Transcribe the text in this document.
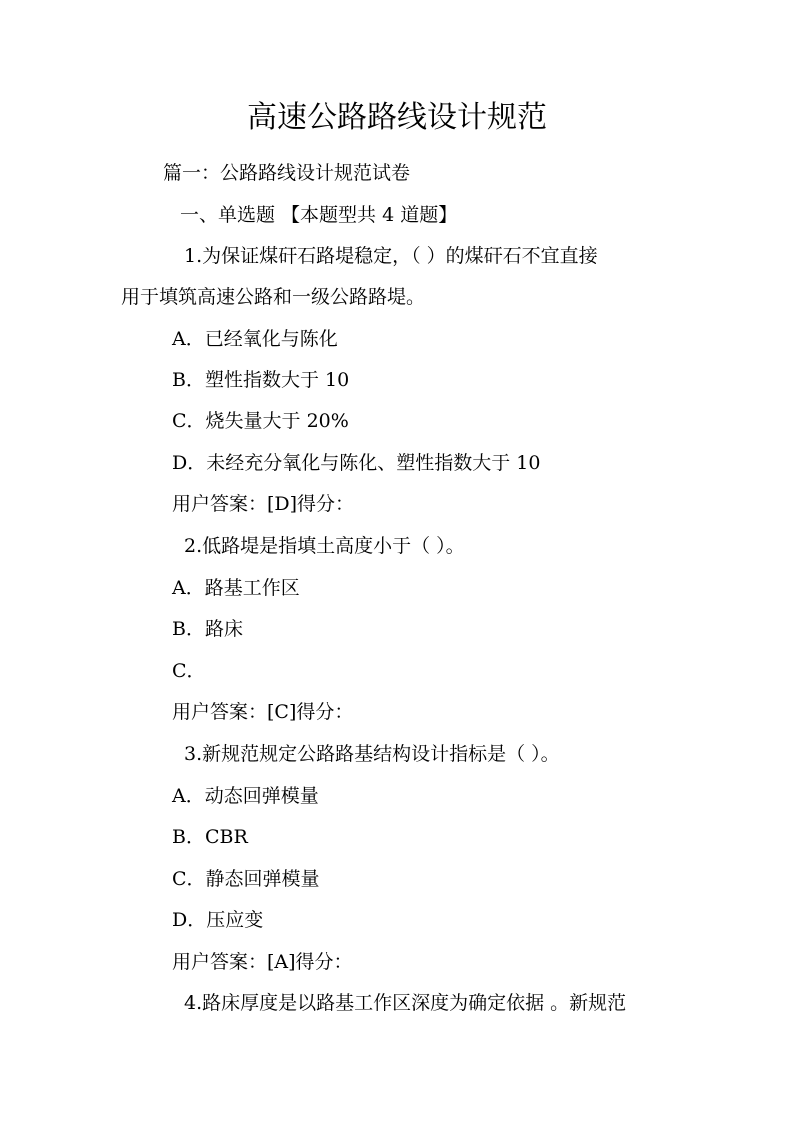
高速公路路线设计规范
篇一：公路路线设计规范试卷
一、单选题 【本题型共 4 道题】
1.为保证煤矸石路堤稳定，（ ）的煤矸石不宜直接
用于填筑高速公路和一级公路路堤。
A．已经氧化与陈化
B．塑性指数大于 10
C．烧失量大于 20%
D．未经充分氧化与陈化、塑性指数大于 10
用户答案：[D]得分：
2.低路堤是指填土高度小于（ ）。
A．路基工作区
B．路床
C．
用户答案：[C]得分：
3.新规范规定公路路基结构设计指标是（ ）。
A．动态回弹模量
B．CBR
C．静态回弹模量
D．压应变
用户答案：[A]得分：
4.路床厚度是以路基工作区深度为确定依据 。新规范
